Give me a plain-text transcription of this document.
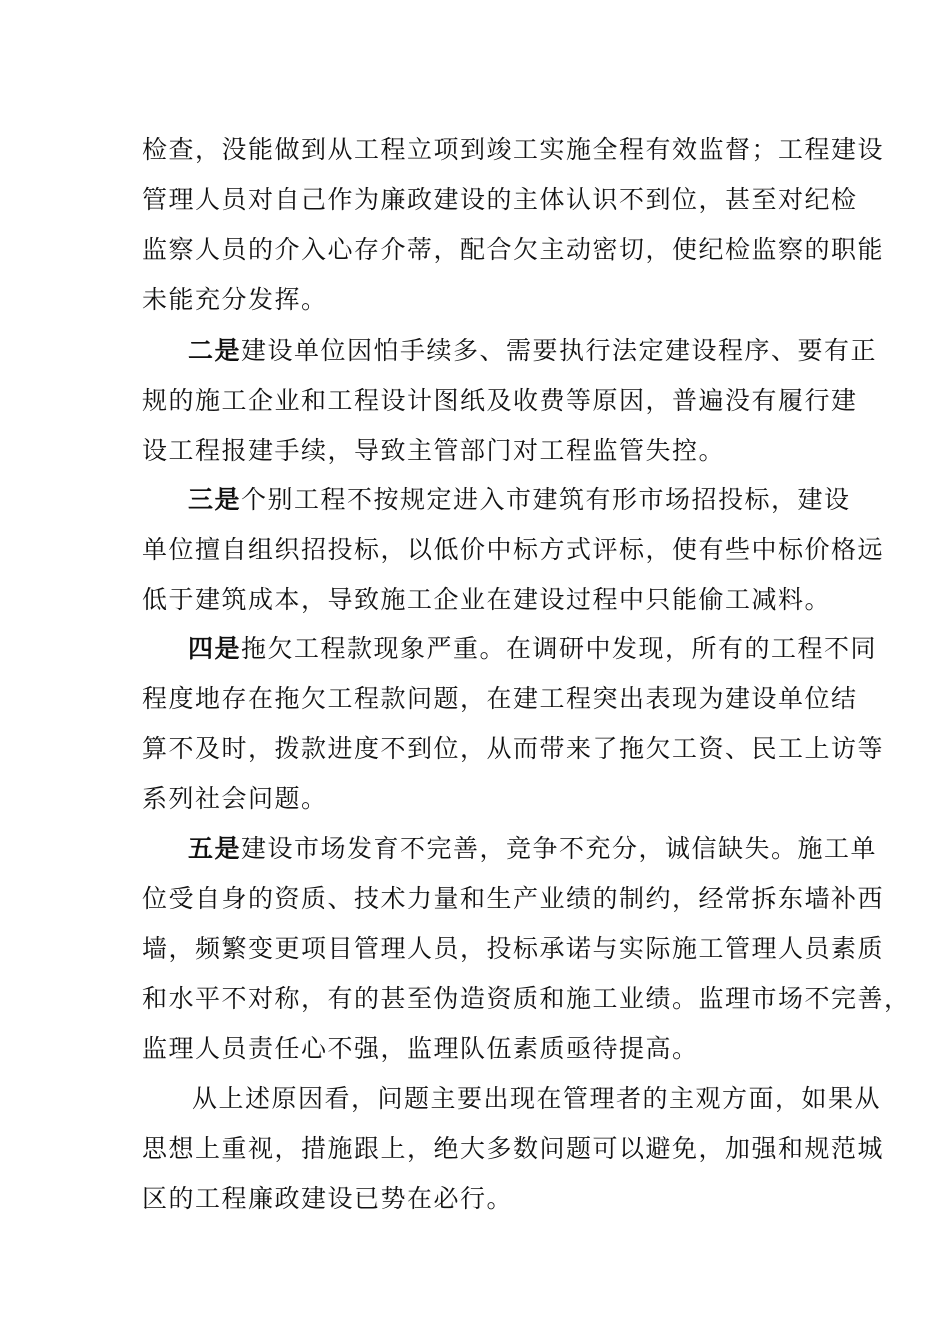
检查，没能做到从工程立项到竣工实施全程有效监督；工程建设
管理人员对自己作为廉政建设的主体认识不到位，甚至对纪检
监察人员的介入心存介蒂，配合欠主动密切，使纪检监察的职能
未能充分发挥。
二是建设单位因怕手续多、需要执行法定建设程序、要有正
规的施工企业和工程设计图纸及收费等原因，普遍没有履行建
设工程报建手续，导致主管部门对工程监管失控。
三是个别工程不按规定进入市建筑有形市场招投标，建设
单位擅自组织招投标，以低价中标方式评标，使有些中标价格远
低于建筑成本，导致施工企业在建设过程中只能偷工减料。
四是拖欠工程款现象严重。在调研中发现，所有的工程不同
程度地存在拖欠工程款问题，在建工程突出表现为建设单位结
算不及时，拨款进度不到位，从而带来了拖欠工资、民工上访等
系列社会问题。
五是建设市场发育不完善，竞争不充分，诚信缺失。施工单
位受自身的资质、技术力量和生产业绩的制约，经常拆东墙补西
墙，频繁变更项目管理人员，投标承诺与实际施工管理人员素质
和水平不对称，有的甚至伪造资质和施工业绩。监理市场不完善，
监理人员责任心不强，监理队伍素质亟待提高。
从上述原因看，问题主要出现在管理者的主观方面，如果从
思想上重视，措施跟上，绝大多数问题可以避免，加强和规范城
区的工程廉政建设已势在必行。
